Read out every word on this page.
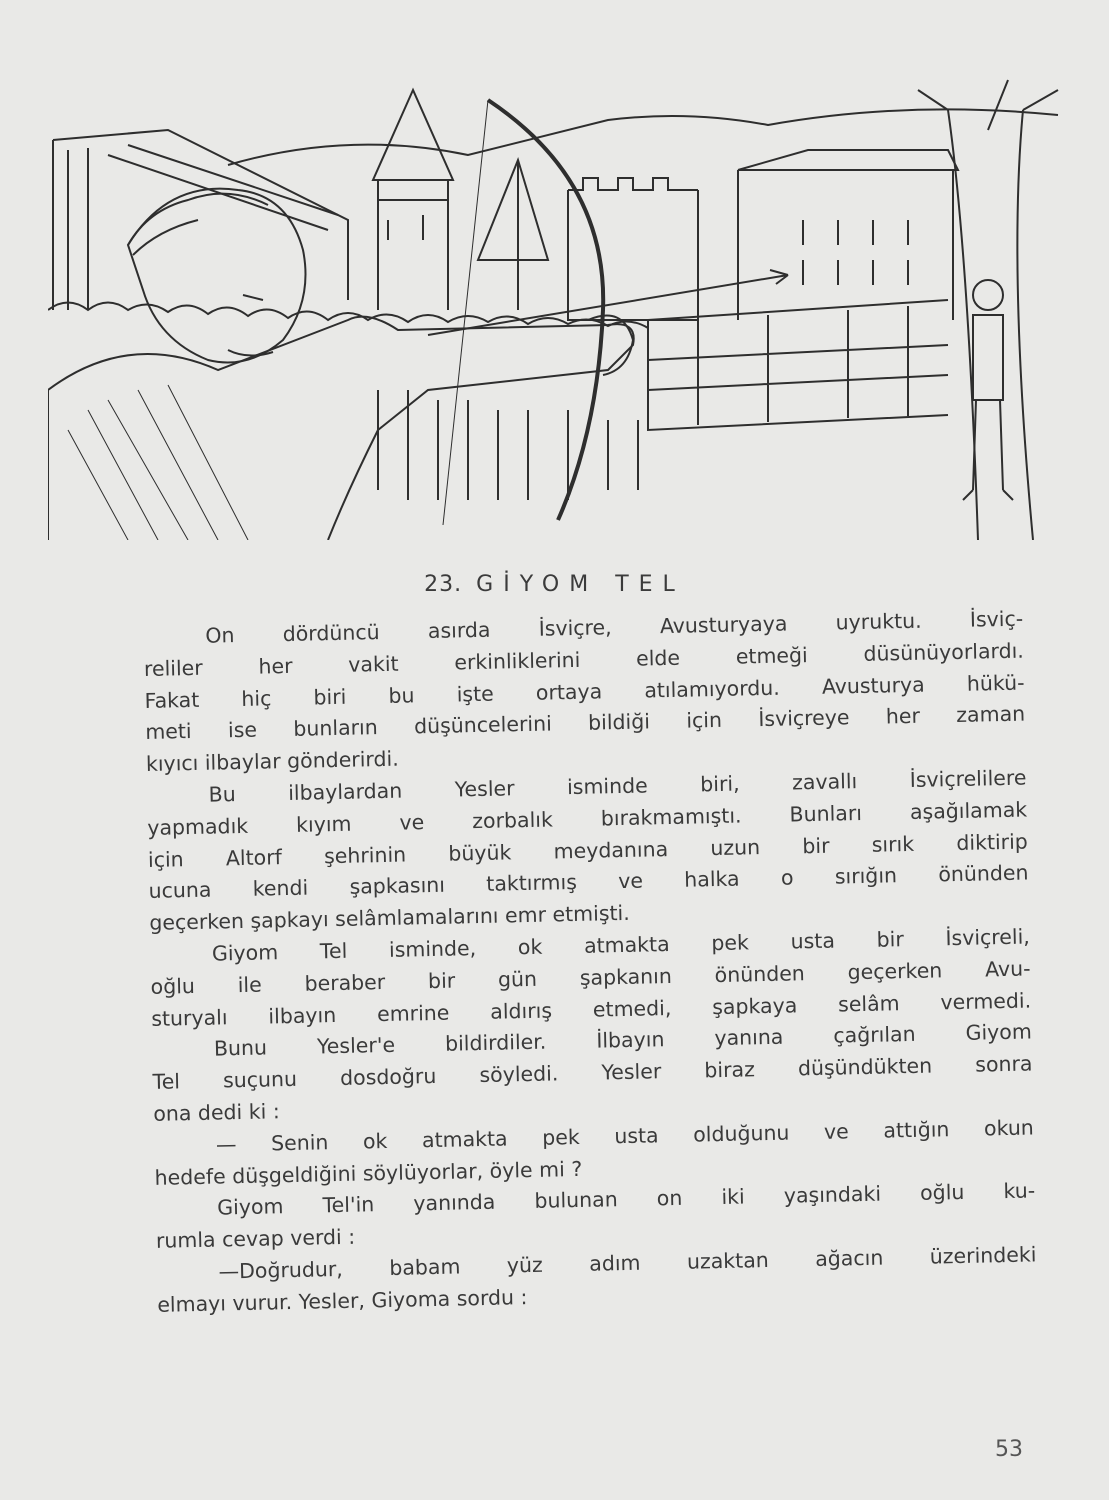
23. GİYOM TEL
On dördüncü asırda İsviçre, Avusturyaya uyruktu. İsviç-
reliler her vakit erkinliklerini elde etmeği düsünüyorlardı.
Fakat hiç biri bu işte ortaya atılamıyordu. Avusturya hükü-
meti ise bunların düşüncelerini bildiği için İsviçreye her zaman
kıyıcı ilbaylar gönderirdi.
Bu ilbaylardan Yesler isminde biri, zavallı İsviçrelilere
yapmadık kıyım ve zorbalık bırakmamıştı. Bunları aşağılamak
için Altorf şehrinin büyük meydanına uzun bir sırık diktirip
ucuna kendi şapkasını taktırmış ve halka o sırığın önünden
geçerken şapkayı selâmlamalarını emr etmişti.
Giyom Tel isminde, ok atmakta pek usta bir İsviçreli,
oğlu ile beraber bir gün şapkanın önünden geçerken Avu-
sturyalı ilbayın emrine aldırış etmedi, şapkaya selâm vermedi.
Bunu Yesler'e bildirdiler. İlbayın yanına çağrılan Giyom
Tel suçunu dosdoğru söyledi. Yesler biraz düşündükten sonra
ona dedi ki :
— Senin ok atmakta pek usta olduğunu ve attığın okun
hedefe düşgeldiğini söylüyorlar, öyle mi ?
Giyom Tel'in yanında bulunan on iki yaşındaki oğlu ku-
rumla cevap verdi :
—Doğrudur, babam yüz adım uzaktan ağacın üzerindeki
elmayı vurur. Yesler, Giyoma sordu :
53
